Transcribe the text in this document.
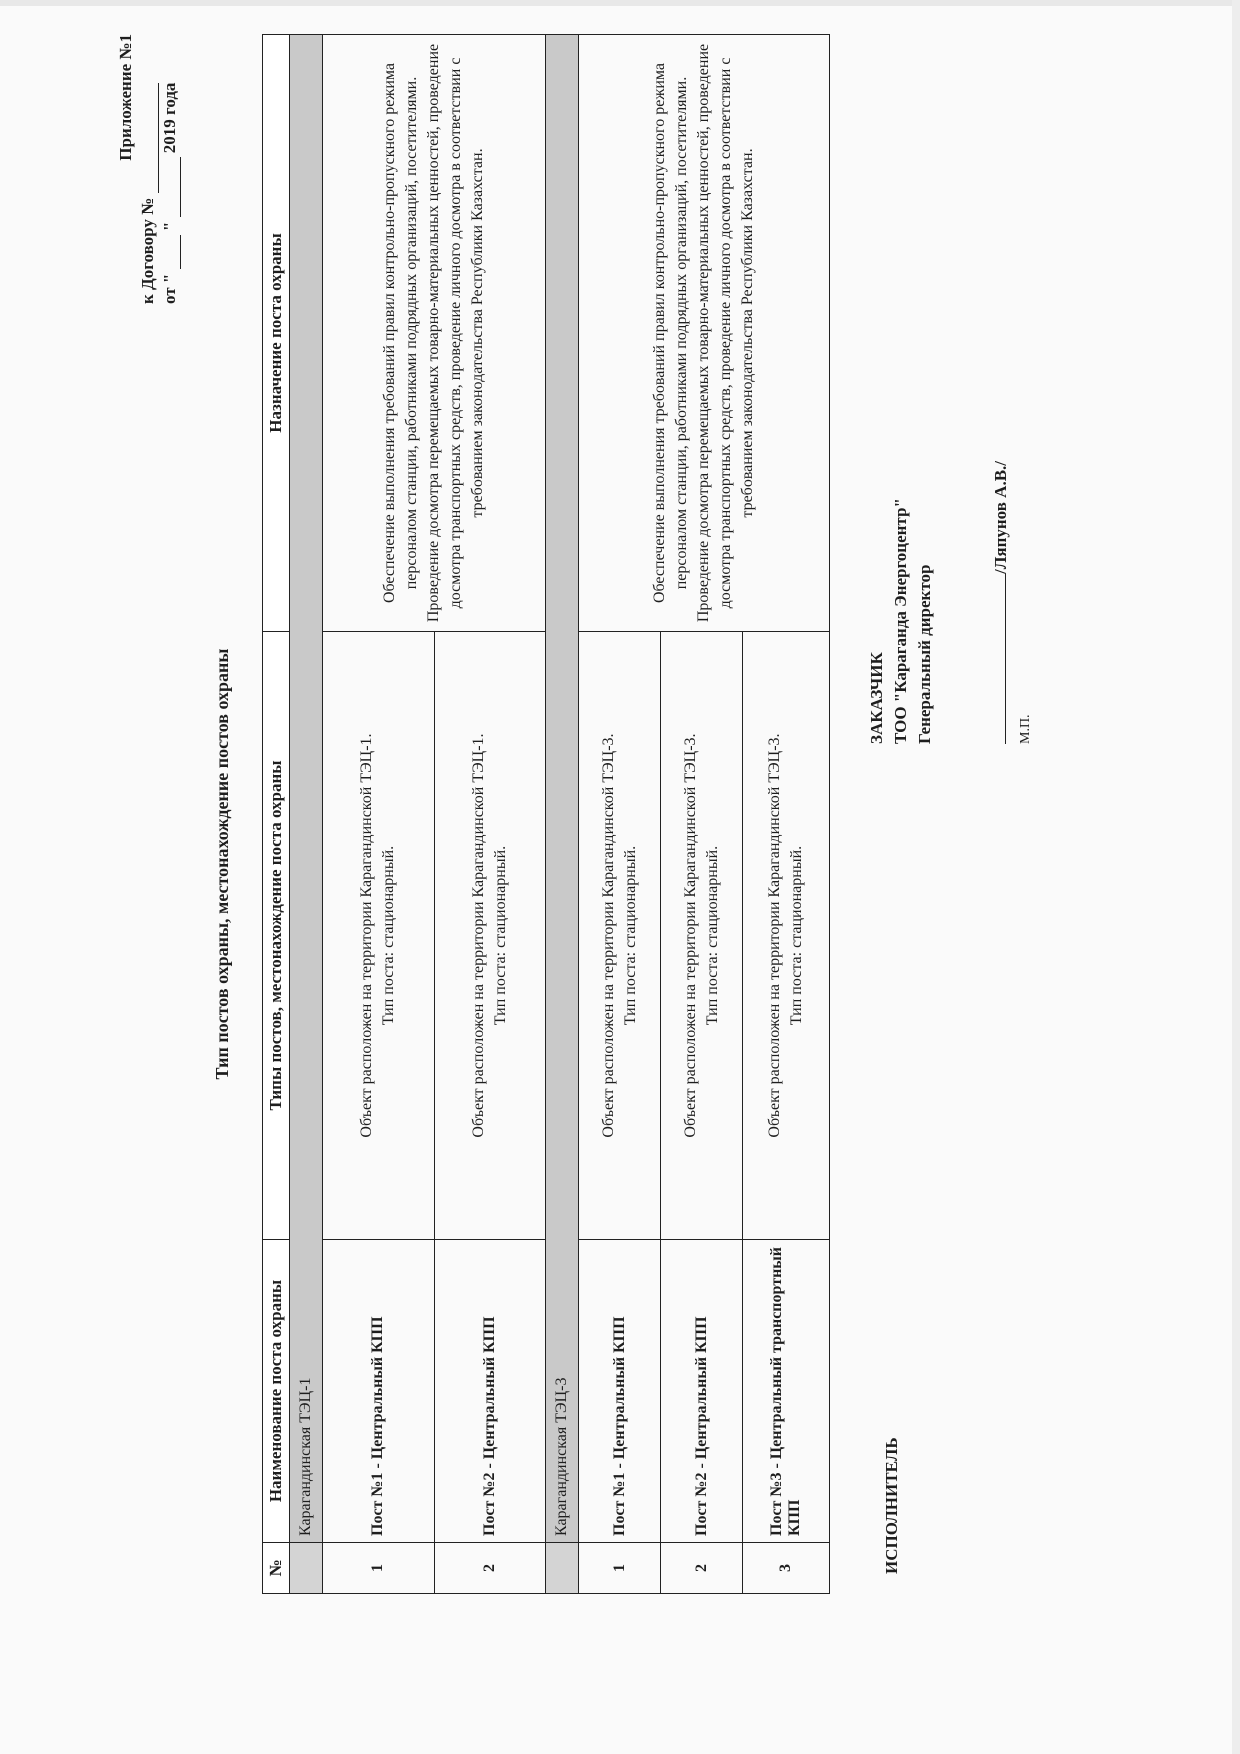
Приложение №1
к Договору № от "  "  2019 года
Тип постов охраны, местонахождение постов охраны
№	Наименование поста охраны	Типы постов, местонахождение поста охраны	Назначение поста охраны
	Карагандинская ТЭЦ-1		
1	Пост №1 - Центральный КПП	Объект расположен на территории Карагандинской ТЭЦ-1. Тип поста: стационарный.	Обеспечение выполнения требований правил контрольно-пропускного режима персоналом станции, работниками подрядных организаций, посетителями. Проведение досмотра перемещаемых товарно-материальных ценностей, проведение досмотра транспортных средств, проведение личного досмотра в соответствии с требованием законодательства Республики Казахстан.
2	Пост №2 - Центральный КПП	Объект расположен на территории Карагандинской ТЭЦ-1. Тип поста: стационарный.	
	Карагандинская ТЭЦ-3		
1	Пост №1 - Центральный КПП	Объект расположен на территории Карагандинской ТЭЦ-3. Тип поста: стационарный.	Обеспечение выполнения требований правил контрольно-пропускного режима персоналом станции, работниками подрядных организаций, посетителями. Проведение досмотра перемещаемых товарно-материальных ценностей, проведение досмотра транспортных средств, проведение личного досмотра в соответствии с требованием законодательства Республики Казахстан.
2	Пост №2 - Центральный КПП	Объект расположен на территории Карагандинской ТЭЦ-3. Тип поста: стационарный.	
3	Пост №3 - Центральный транспортный КПП	Объект расположен на территории Карагандинской ТЭЦ-3. Тип поста: стационарный.	
ИСПОЛНИТЕЛЬ
ЗАКАЗЧИК ТОО "Караганда Энергоцентр" Генеральный директор
/Ляпунов А.В./
М.П.
